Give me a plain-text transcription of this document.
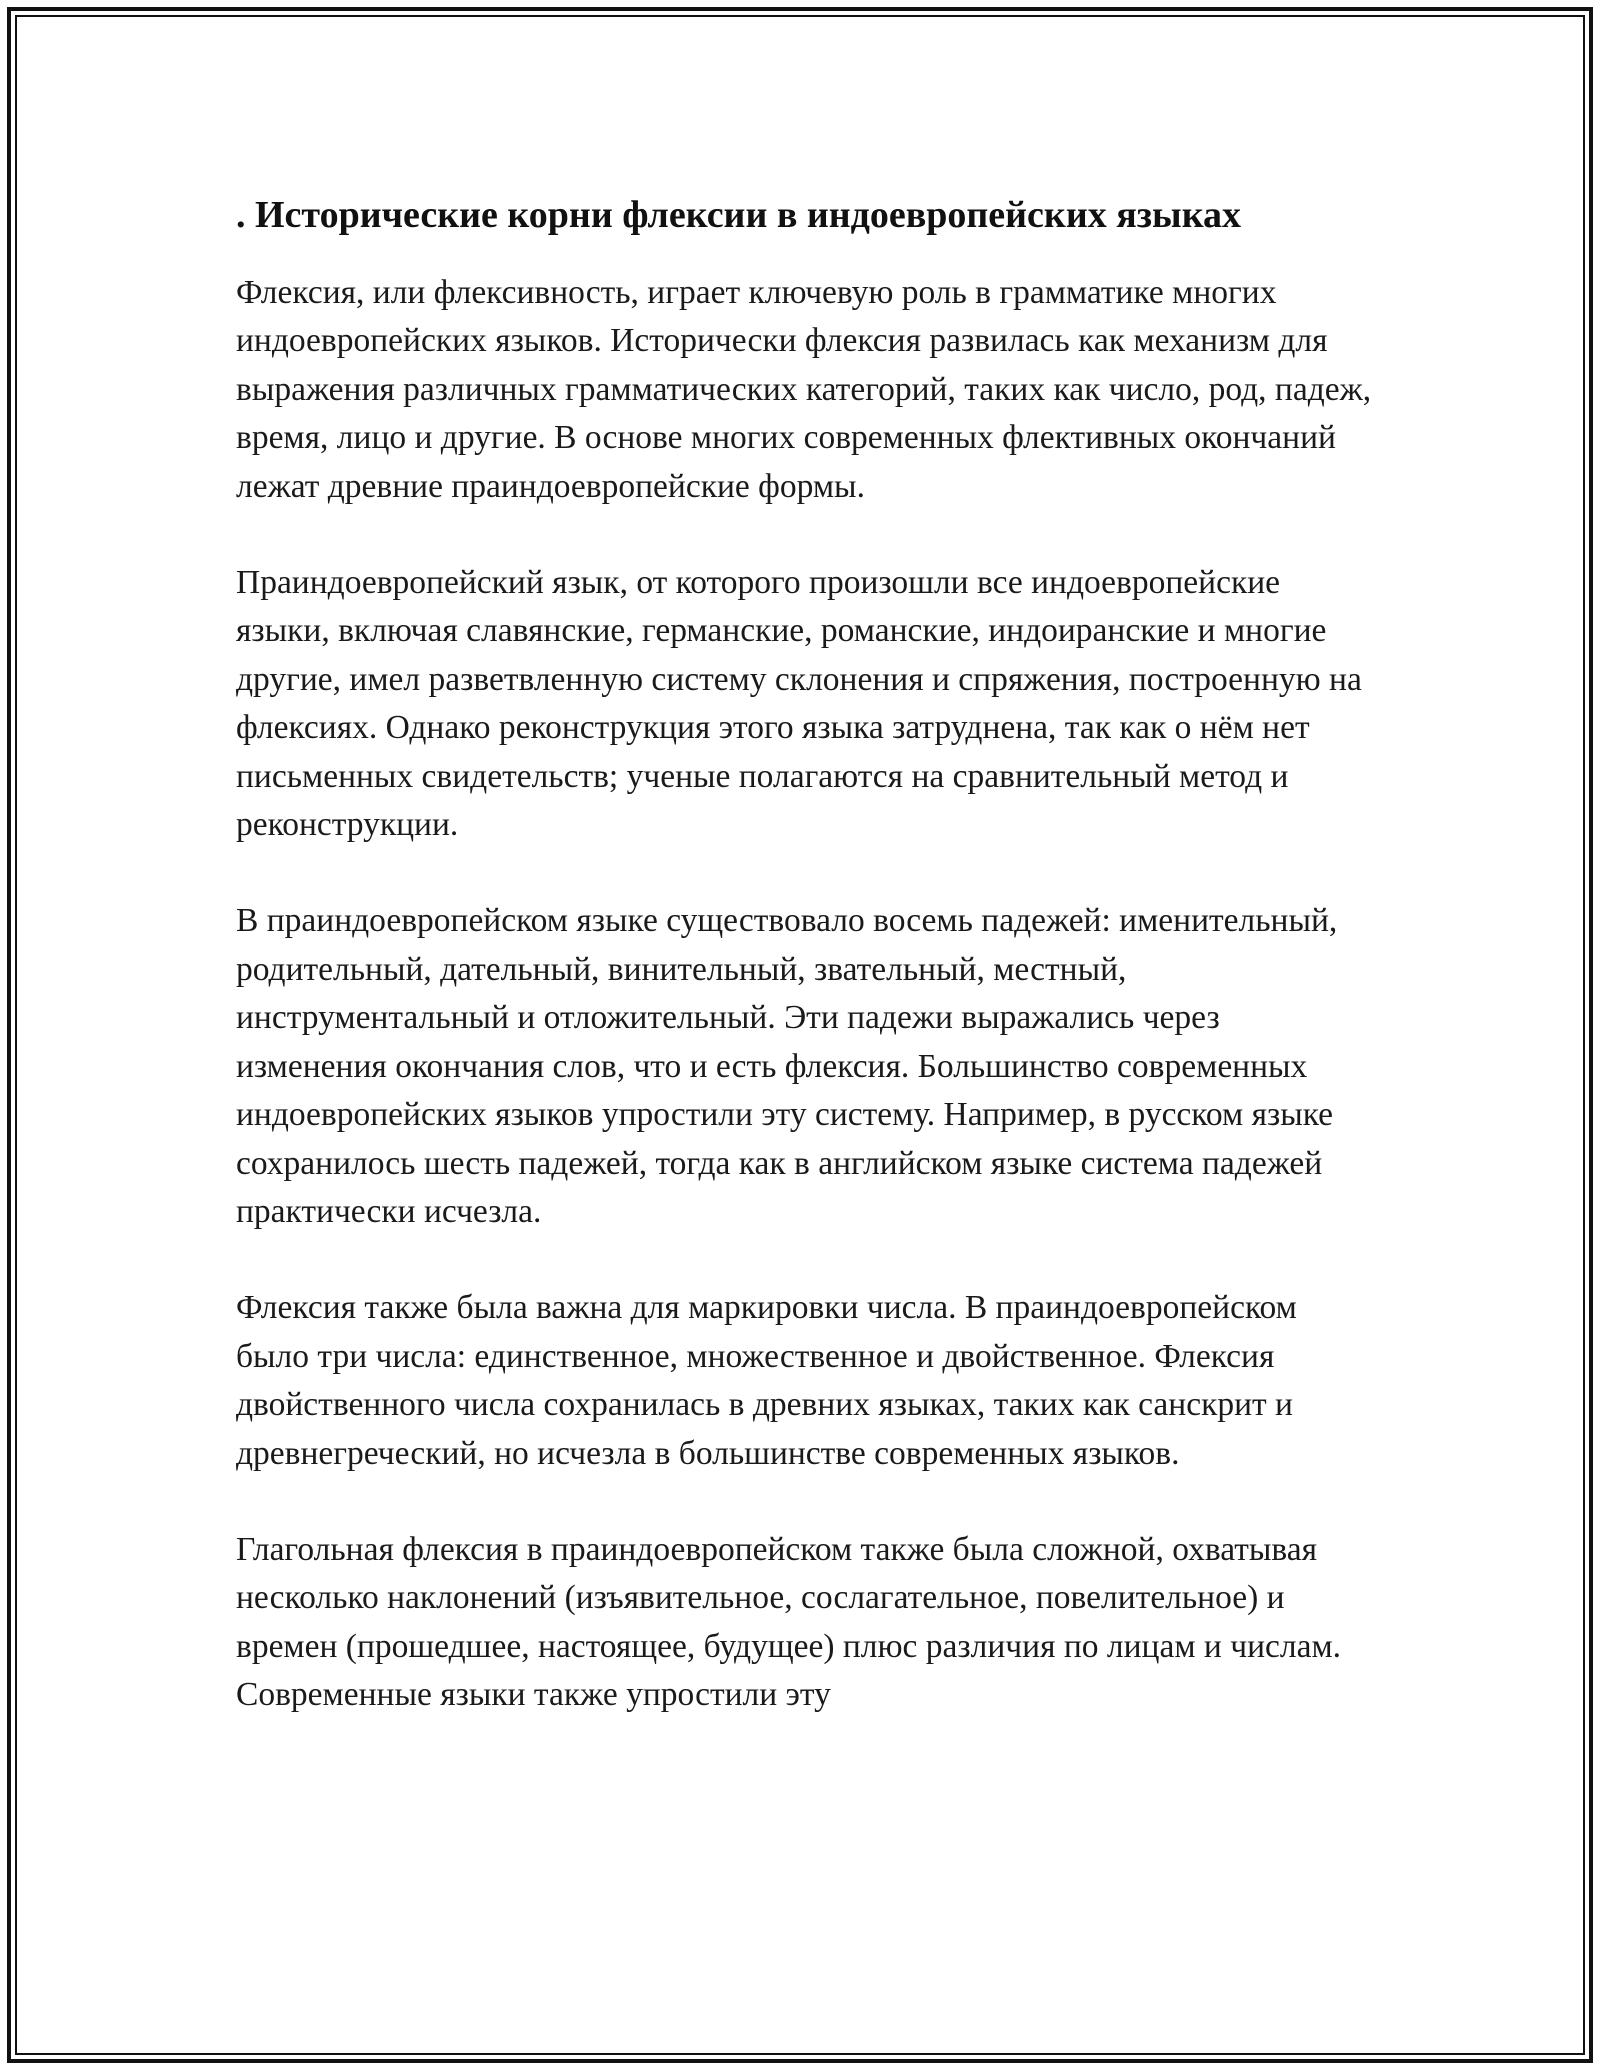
. Исторические корни флексии в индоевропейских языках

Флексия, или флексивность, играет ключевую роль в грамматике многих индоевропейских языков. Исторически флексия развилась как механизм для выражения различных грамматических категорий, таких как число, род, падеж, время, лицо и другие. В основе многих современных флективных окончаний лежат древние праиндоевропейские формы.

Праиндоевропейский язык, от которого произошли все индоевропейские языки, включая славянские, германские, романские, индоиранские и многие другие, имел разветвленную систему склонения и спряжения, построенную на флексиях. Однако реконструкция этого языка затруднена, так как о нём нет письменных свидетельств; ученые полагаются на сравнительный метод и реконструкции.

В праиндоевропейском языке существовало восемь падежей: именительный, родительный, дательный, винительный, звательный, местный, инструментальный и отложительный. Эти падежи выражались через изменения окончания слов, что и есть флексия. Большинство современных индоевропейских языков упростили эту систему. Например, в русском языке сохранилось шесть падежей, тогда как в английском языке система падежей практически исчезла.

Флексия также была важна для маркировки числа. В праиндоевропейском было три числа: единственное, множественное и двойственное. Флексия двойственного числа сохранилась в древних языках, таких как санскрит и древнегреческий, но исчезла в большинстве современных языков.

Глагольная флексия в праиндоевропейском также была сложной, охватывая несколько наклонений (изъявительное, сослагательное, повелительное) и времен (прошедшее, настоящее, будущее) плюс различия по лицам и числам. Современные языки также упростили эту
